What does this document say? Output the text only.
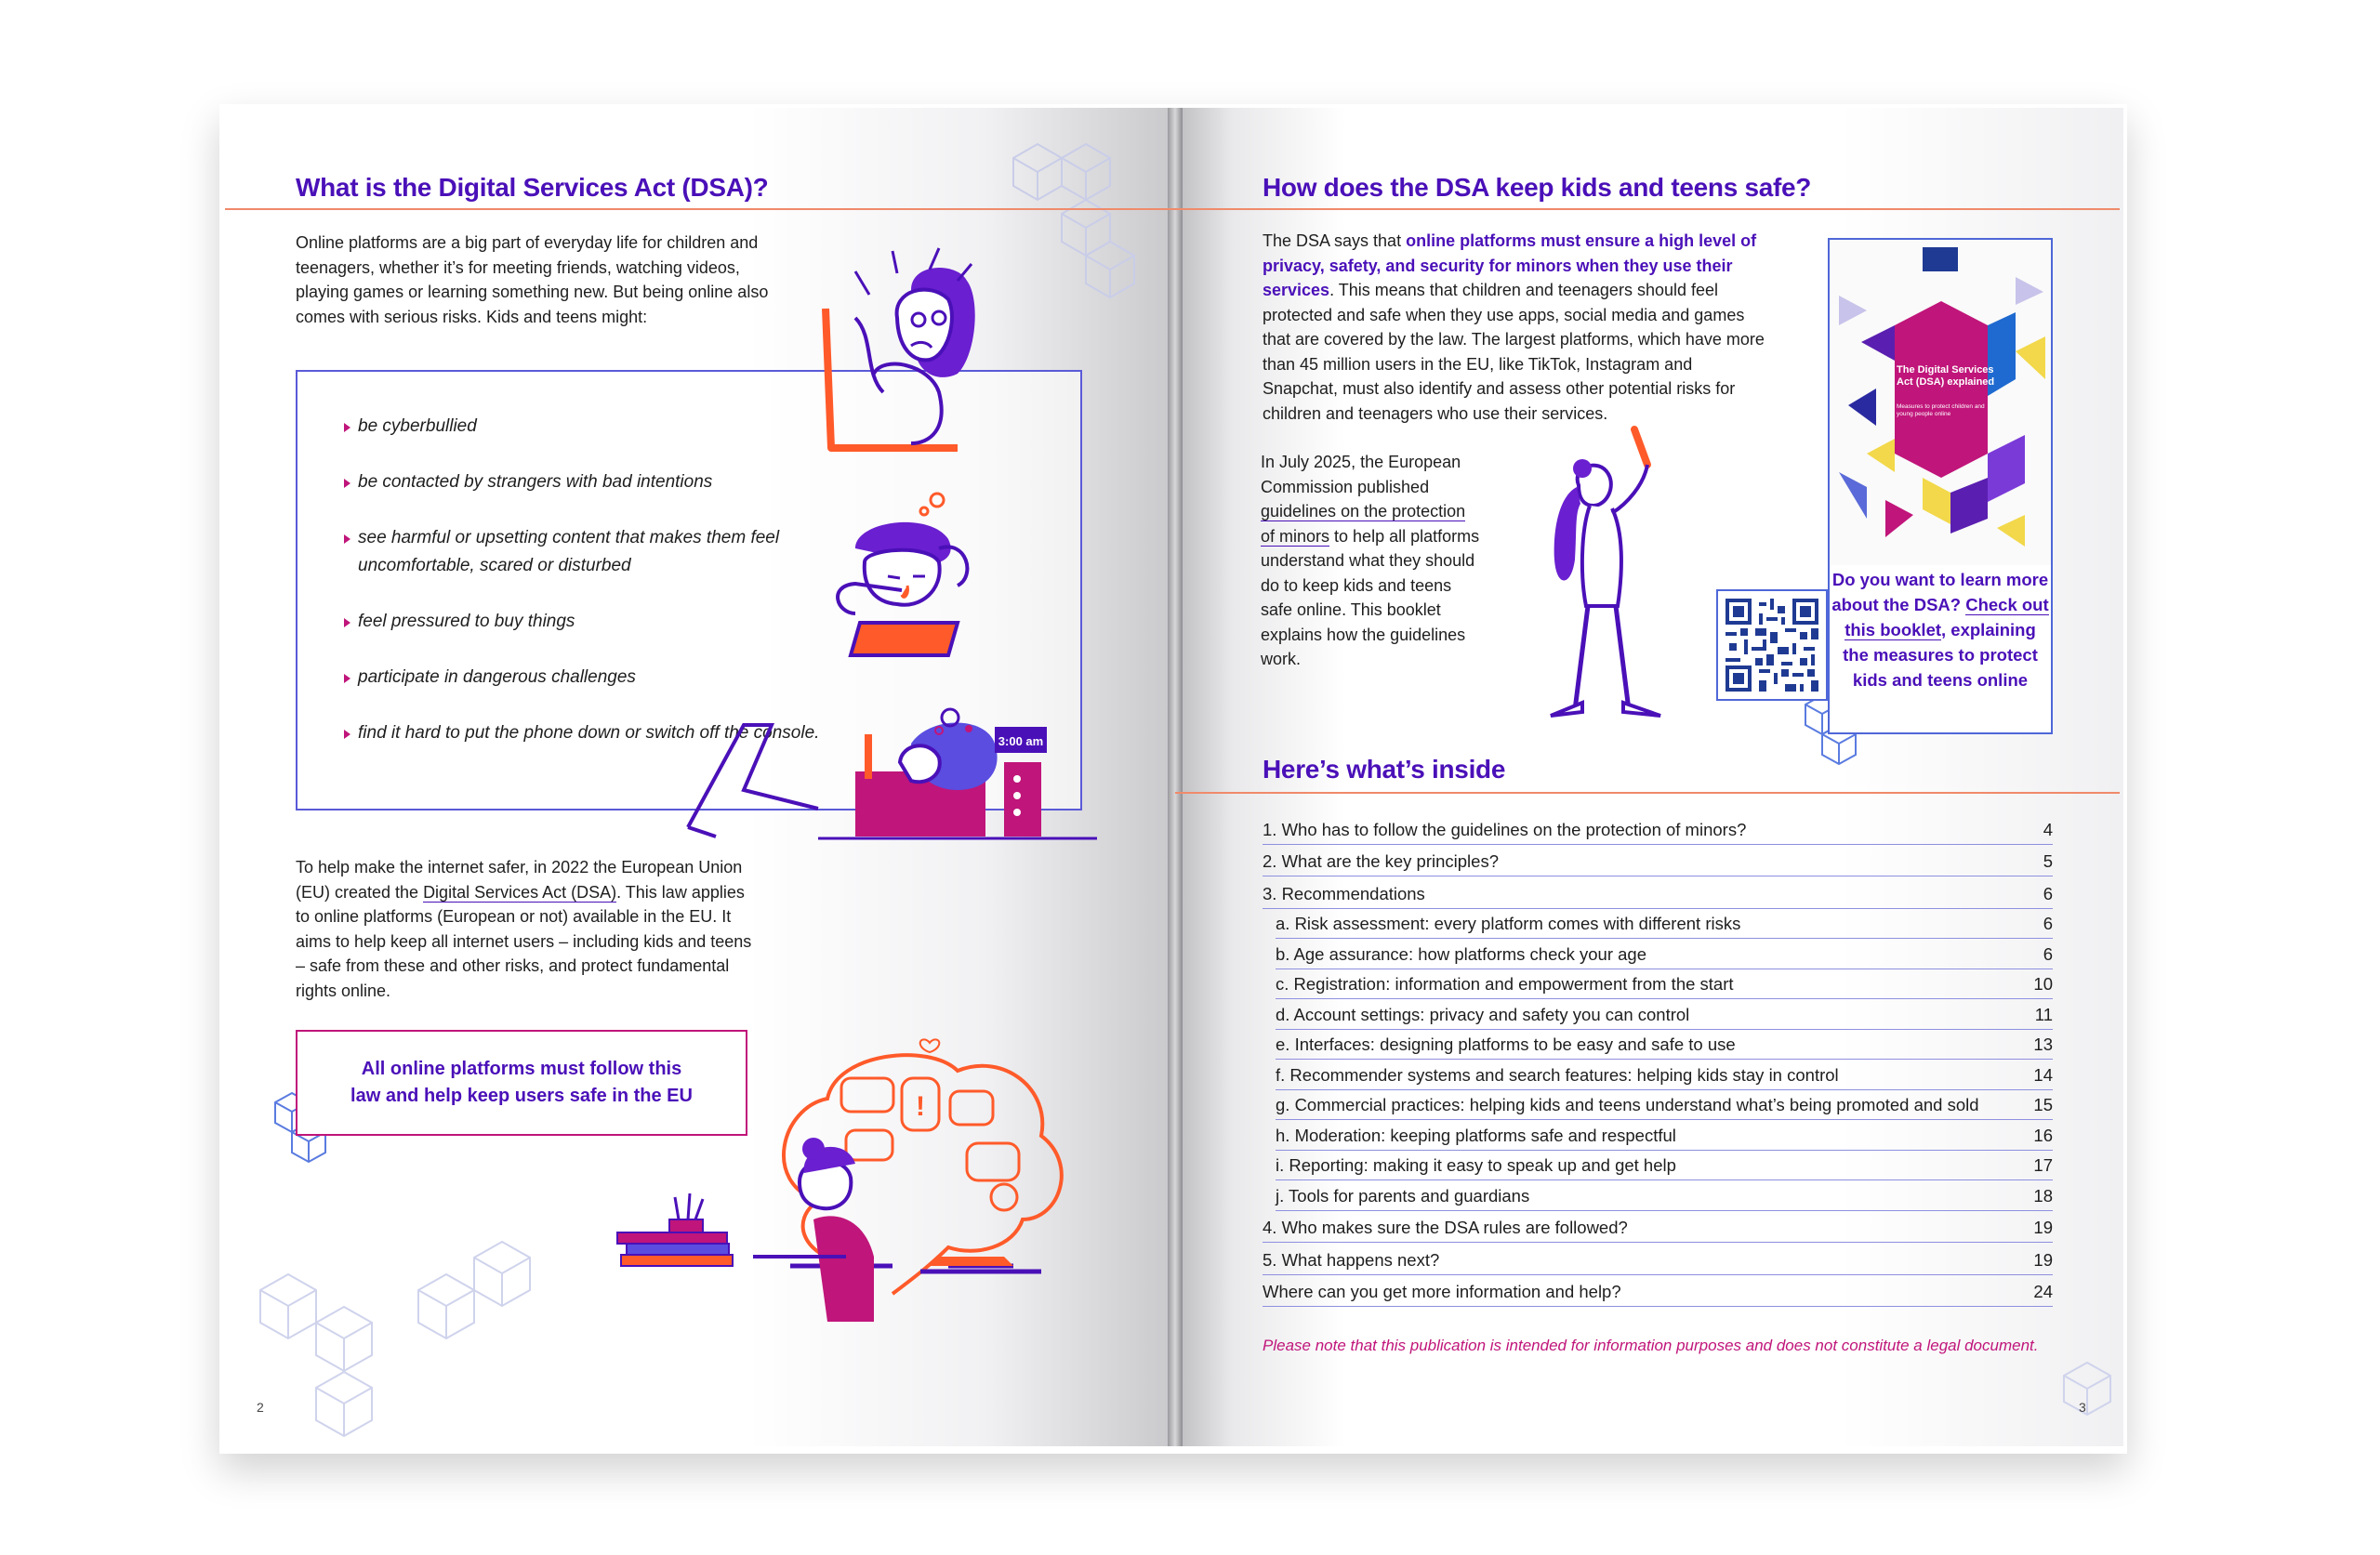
What is the Digital Services Act (DSA)?

Online platforms are a big part of everyday life for children and teenagers, whether it’s for meeting friends, watching videos, playing games or learning something new. But being online also comes with serious risks. Kids and teens might:

be cyberbullied
be contacted by strangers with bad intentions
see harmful or upsetting content that makes them feel uncomfortable, scared or disturbed
feel pressured to buy things
participate in dangerous challenges
find it hard to put the phone down or switch off the console.	3:00 am

To help make the internet safer, in 2022 the European Union (EU) created the Digital Services Act (DSA). This law applies to online platforms (European or not) available in the EU. It aims to help keep all internet users – including kids and teens – safe from these and other risks, and protect fundamental rights online.

All online platforms must follow this law and help keep users safe in the EU	!
2
How does the DSA keep kids and teens safe?

The DSA says that online platforms must ensure a high level of privacy, safety, and security for minors when they use their services. This means that children and teenagers should feel protected and safe when they use apps, social media and games that are covered by the law. The largest platforms, which have more than 45 million users in the EU, like TikTok, Instagram and Snapchat, must also identify and assess other potential risks for children and teenagers who use their services.

In July 2025, the European Commission published guidelines on the protection of minors to help all platforms understand what they should do to keep kids and teens safe online. This booklet explains how the guidelines work.

The Digital Services Act (DSA) explained
Measures to protect children and young people online
Do you want to learn more about the DSA? Check out this booklet, explaining the measures to protect kids and teens online
Here’s what’s inside
1. Who has to follow the guidelines on the protection of minors?	4
2. What are the key principles?	5
3. Recommendations	6
a. Risk assessment: every platform comes with different risks	6
b. Age assurance: how platforms check your age	6
c. Registration: information and empowerment from the start	10
d. Account settings: privacy and safety you can control	11
e. Interfaces: designing platforms to be easy and safe to use	13
f. Recommender systems and search features: helping kids stay in control	14
g. Commercial practices: helping kids and teens understand what’s being promoted and sold	15
h. Moderation: keeping platforms safe and respectful	16
i. Reporting: making it easy to speak up and get help	17
j. Tools for parents and guardians	18
4. Who makes sure the DSA rules are followed?	19
5. What happens next?	19
Where can you get more information and help?	24
Please note that this publication is intended for information purposes and does not constitute a legal document.
3
